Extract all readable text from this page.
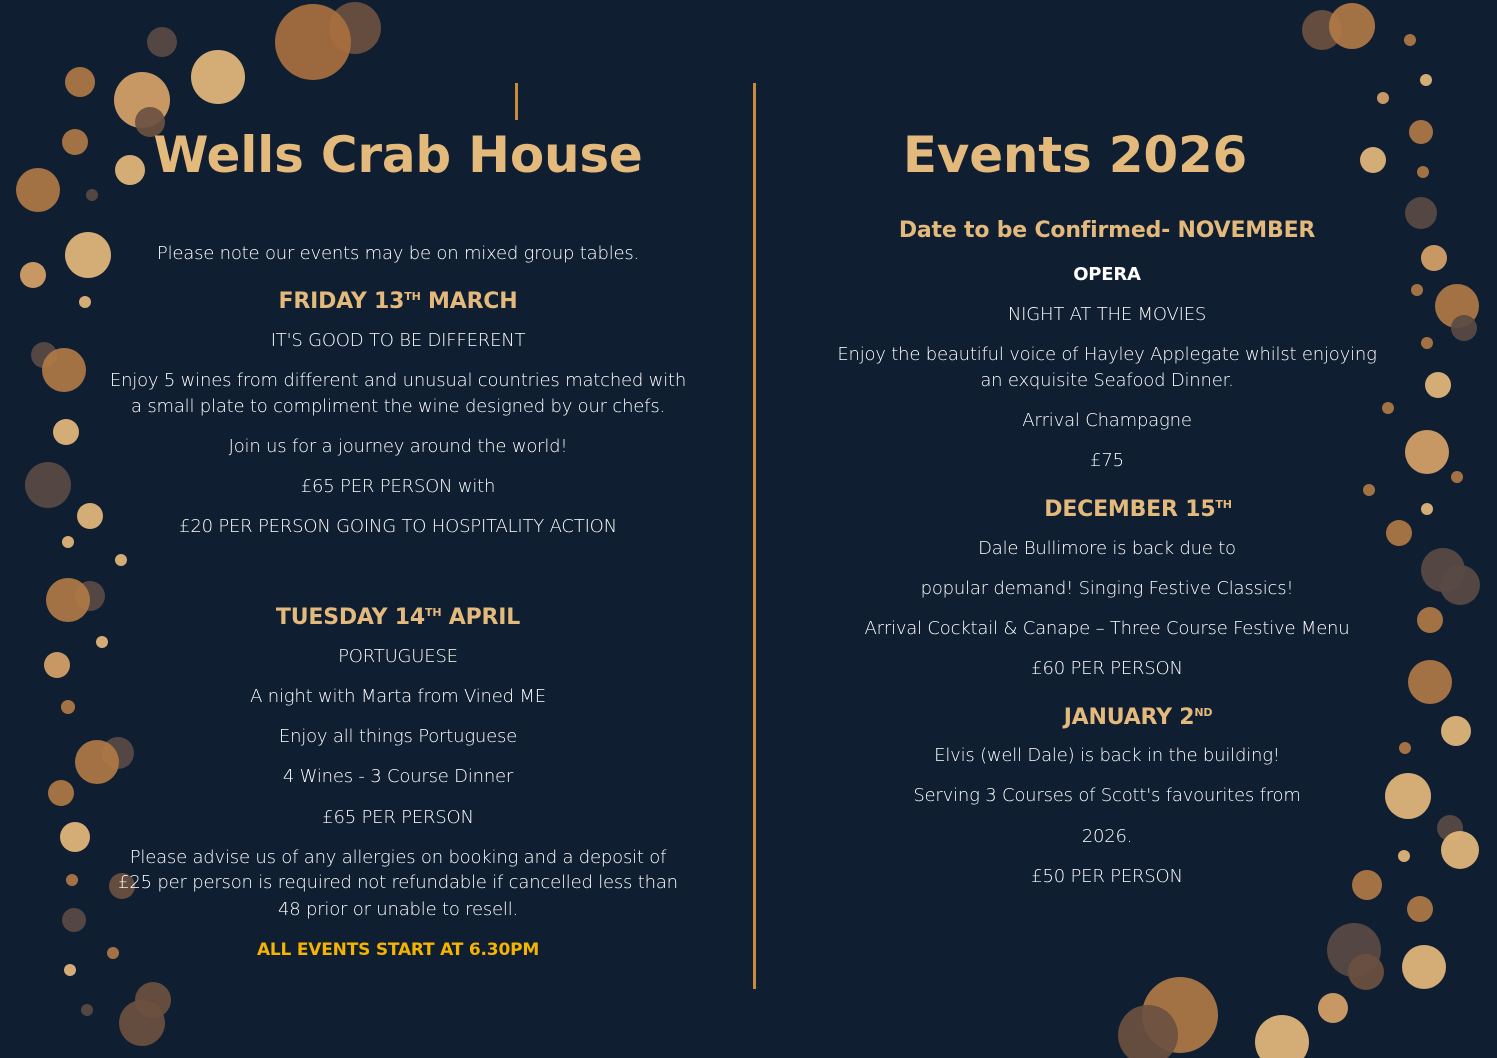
Wells Crab House
Please note our events may be on mixed group tables.
FRIDAY 13TH MARCH
IT'S GOOD TO BE DIFFERENT
Enjoy 5 wines from different and unusual countries matched with
a small plate to compliment the wine designed by our chefs.
Join us for a journey around the world!
£65 PER PERSON with
£20 PER PERSON GOING TO HOSPITALITY ACTION
TUESDAY 14TH APRIL
PORTUGUESE
A night with Marta from Vined ME
Enjoy all things Portuguese
4 Wines - 3 Course Dinner
£65 PER PERSON
Please advise us of any allergies on booking and a deposit of
£25 per person is required not refundable if cancelled less than
48 prior or unable to resell.
ALL EVENTS START AT 6.30PM
Events 2026
Date to be Confirmed- NOVEMBER
OPERA
NIGHT AT THE MOVIES
Enjoy the beautiful voice of Hayley Applegate whilst enjoying
an exquisite Seafood Dinner.
Arrival Champagne
£75
DECEMBER 15TH
Dale Bullimore is back due to
popular demand! Singing Festive Classics!
Arrival Cocktail & Canape – Three Course Festive Menu
£60 PER PERSON
JANUARY 2ND
Elvis (well Dale) is back in the building!
Serving 3 Courses of Scott's favourites from
2026.
£50 PER PERSON
